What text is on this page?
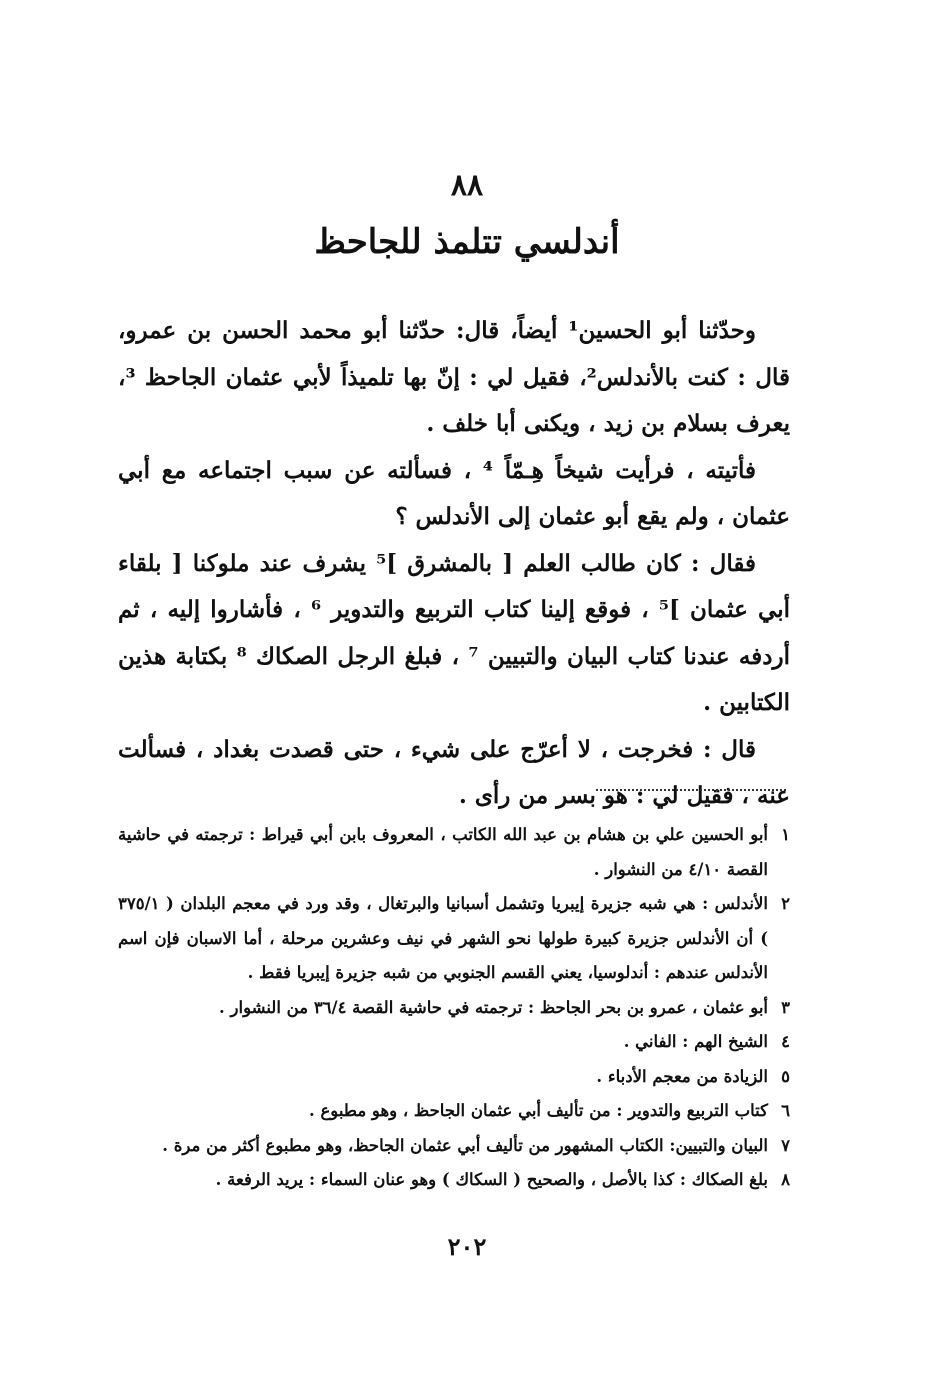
٨٨
أندلسي تتلمذ للجاحظ

وحدّثنا أبو الحسين¹ أيضاً، قال: حدّثنا أبو محمد الحسن بن عمرو، قال : كنت بالأندلس²، فقيل لي : إنّ بها تلميذاً لأبي عثمان الجاحظ ³، يعرف بسلام بن زيد ، ويكنى أبا خلف .

فأتيته ، فرأيت شيخاً هِـمّاً ⁴ ، فسألته عن سبب اجتماعه مع أبي عثمان ، ولم يقع أبو عثمان إلى الأندلس ؟

فقال : كان طالب العلم [ بالمشرق ]⁵ يشرف عند ملوكنا [ بلقاء أبي عثمان ]⁵ ، فوقع إلينا كتاب التربيع والتدوير ⁶ ، فأشاروا إليه ، ثم أردفه عندنا كتاب البيان والتبيين ⁷ ، فبلغ الرجل الصكاك ⁸ بكتابة هذين الكتابين .

قال : فخرجت ، لا أعرّج على شيء ، حتى قصدت بغداد ، فسألت عنه ، فقيل لي : هو بسر من رأى .

١
أبو الحسين علي بن هشام بن عبد الله الكاتب ، المعروف بابن أبي قيراط : ترجمته في حاشية القصة ٤/١٠ من النشوار .
٢
الأندلس : هي شبه جزيرة إيبريا وتشمل أسبانيا والبرتغال ، وقد ورد في معجم البلدان ( ٣٧٥/١ ) أن الأندلس جزيرة كبيرة طولها نحو الشهر في نيف وعشرين مرحلة ، أما الاسبان فإن اسم الأندلس عندهم : أندلوسيا، يعني القسم الجنوبي من شبه جزيرة إيبريا فقط .
٣
أبو عثمان ، عمرو بن بحر الجاحظ : ترجمته في حاشية القصة ٣٦/٤ من النشوار .
٤
الشيخ الهم : الفاني .
٥
الزيادة من معجم الأدباء .
٦
كتاب التربيع والتدوير : من تأليف أبي عثمان الجاحظ ، وهو مطبوع .
٧
البيان والتبيين: الكتاب المشهور من تأليف أبي عثمان الجاحظ، وهو مطبوع أكثر من مرة .
٨
بلغ الصكاك : كذا بالأصل ، والصحيح ( السكاك ) وهو عنان السماء : يريد الرفعة .
٢٠٢
